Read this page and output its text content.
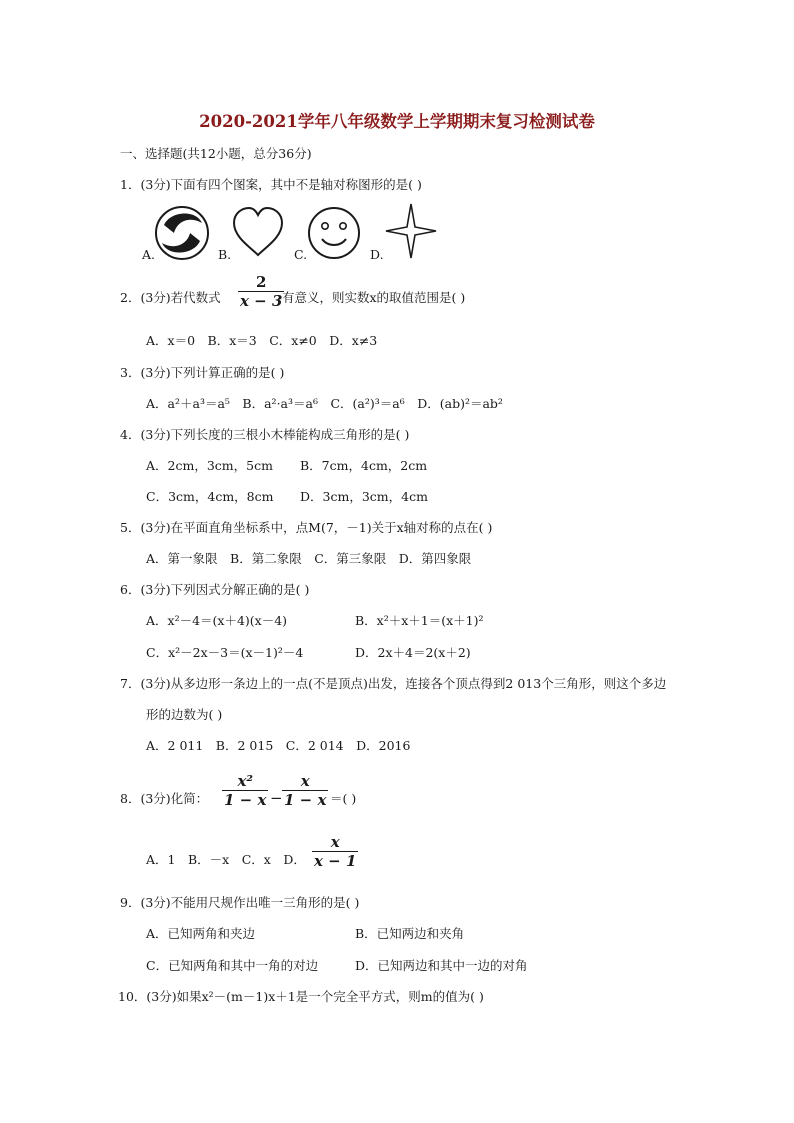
2020-2021学年八年级数学上学期期末复习检测试卷
一、选择题(共12小题，总分36分)
1．(3分)下面有四个图案，其中不是轴对称图形的是( )
A.	B.	C.	D.
2．(3分)若代数式
2
x − 3 有意义，则实数x的取值范围是( )
A．x＝0　B．x＝3　C．x≠0　D．x≠3
3．(3分)下列计算正确的是( )
A．a²＋a³＝a⁵　B．a²·a³＝a⁶　C．(a²)³＝a⁶　D．(ab)²＝ab²
4．(3分)下列长度的三根小木棒能构成三角形的是( )
A．2cm，3cm，5cm B．7cm，4cm，2cm
C．3cm，4cm，8cm D．3cm，3cm，4cm
5．(3分)在平面直角坐标系中，点M(7，－1)关于x轴对称的点在( )
A．第一象限　B．第二象限　C．第三象限　D．第四象限
6．(3分)下列因式分解正确的是( )
A．x²－4＝(x＋4)(x－4)	B．x²＋x＋1＝(x＋1)²
C．x²－2x－3＝(x－1)²－4	D．2x＋4＝2(x＋2)
7．(3分)从多边形一条边上的一点(不是顶点)出发，连接各个顶点得到2 013个三角形，则这个多边
形的边数为( )
A．2 011　B．2 015　C．2 014　D．2016
8．(3分)化简：
x²
1 − x −
x
1 − x ＝( )
A．1　B．－x　C．x　D．
x
x − 1
9．(3分)不能用尺规作出唯一三角形的是( )
A．已知两角和夹边	B．已知两边和夹角
C．已知两角和其中一角的对边	D．已知两边和其中一边的对角
10．(3分)如果x²－(m－1)x＋1是一个完全平方式，则m的值为( )
